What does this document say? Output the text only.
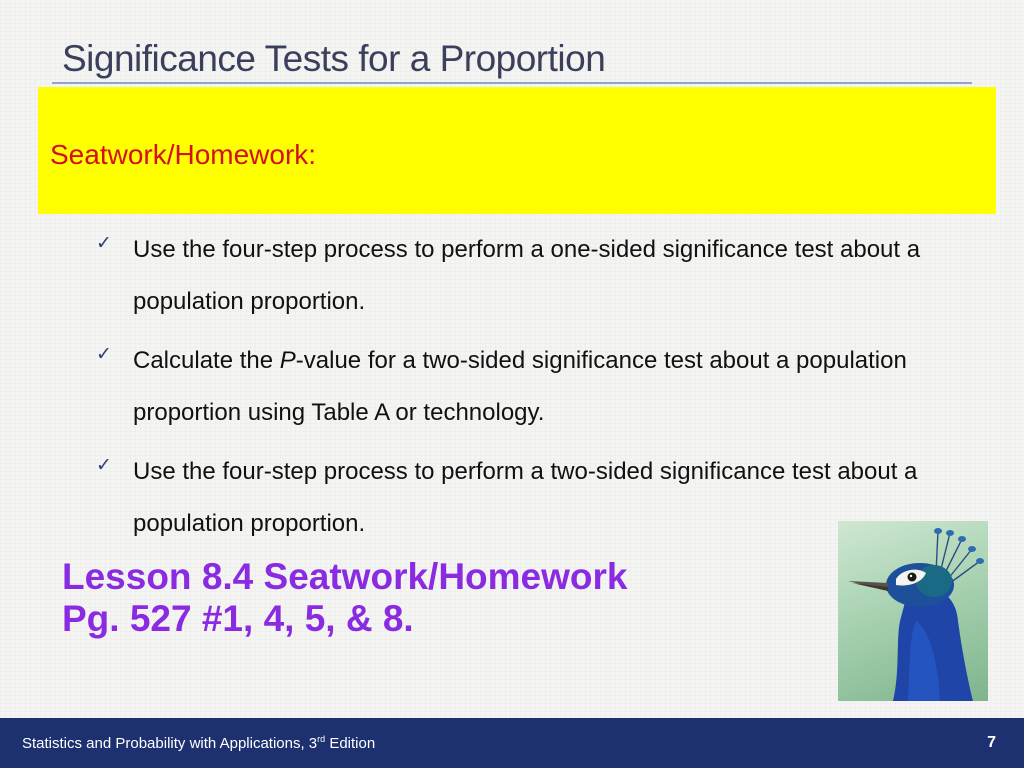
Significance Tests for a Proportion
Seatwork/Homework:
✓ Use the four-step process to perform a one-sided significance test about a population proportion.
✓ Calculate the P-value for a two-sided significance test about a population proportion using Table A or technology.
✓ Use the four-step process to perform a two-sided significance test about a population proportion.
Lesson 8.4 Seatwork/Homework
Pg. 527 #1, 4, 5, & 8.
Statistics and Probability with Applications, 3rd Edition	7
